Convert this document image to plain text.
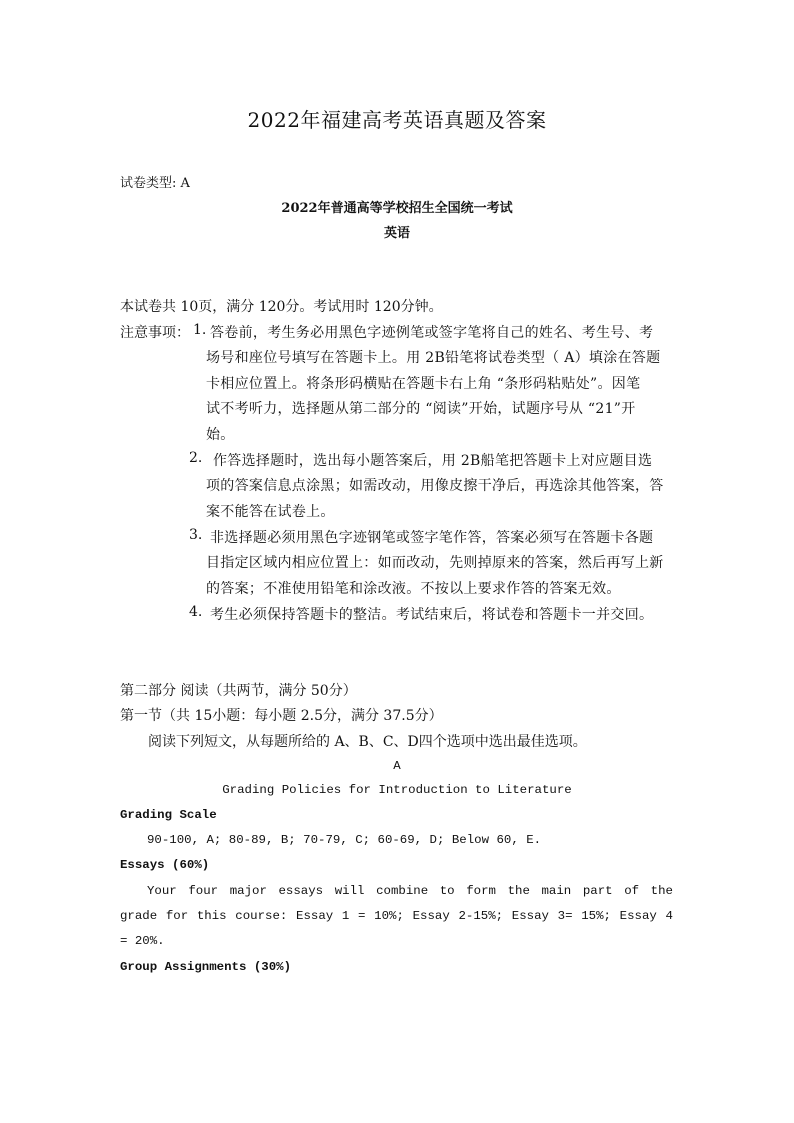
2022年福建高考英语真题及答案
试卷类型: A
2022年普通高等学校招生全国统一考试
英语
本试卷共 10页，满分 120分。考试用时 120分钟。
注意事项： 1. 答卷前，考生务必用黑色字迹例笔或签字笔将自己的姓名、考生号、考
场号和座位号填写在答题卡上。用 2B铅笔将试卷类型（ A）填涂在答题
卡相应位置上。将条形码横贴在答题卡右上角 “条形码粘贴处”。因笔
试不考听力，选择题从第二部分的 “阅读”开始，试题序号从 “21”开
始。
2. 作答选择题时，选出每小题答案后，用 2B船笔把答题卡上对应题目选
项的答案信息点涂黑；如需改动，用像皮擦干净后，再选涂其他答案，答
案不能答在试卷上。
3. 非选择题必须用黑色字迹钢笔或签字笔作答，答案必须写在答题卡各题
目指定区域内相应位置上：如而改动，先则掉原来的答案，然后再写上新
的答案；不准使用铅笔和涂改液。不按以上要求作答的答案无效。
4. 考生必须保持答题卡的整洁。考试结束后，将试卷和答题卡一并交回。
第二部分 阅读（共两节，满分 50分）
第一节（共 15小题：每小题 2.5分，满分 37.5分）
阅读下列短文，从每题所给的 A、B、C、D四个选项中选出最佳选项。
A
Grading Policies for Introduction to Literature
Grading Scale
90-100, A; 80-89, B; 70-79, C; 60-69, D; Below 60, E.
Essays (60%)
Your four major essays will combine to form the main part of the
grade for this course: Essay 1 = 10%; Essay 2-15%; Essay 3= 15%; Essay 4
= 20%.
Group Assignments (30%)
